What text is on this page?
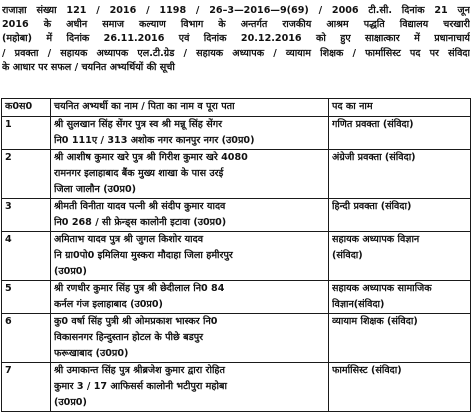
राजाज्ञा संख्या 121 / 2016 / 1198 / 26–3—2016—9(69) / 2006 टी.सी. दिनांक 21 जून
2016 के अधीन समाज कल्याण विभाग के अन्तर्गत राजकीय आश्रम पद्धति विद्यालय चरखारी
(महोबा) में दिनांक 26.11.2016 एवं दिनांक 20.12.2016 को हुए साक्षात्कार में प्रधानाचार्य
/ प्रवक्ता / सहायक अध्यापक एल.टी.ग्रेड / सहायक अध्यापक / व्यायाम शिक्षक / फार्मासिस्ट पद पर संविदा
के आधार पर सफल / चयनित अभ्यर्थियों की सूची
क0स0	चयनित अभ्यर्थी का नाम / पिता का नाम व पूरा पता	पद का नाम
1	श्री सुलखान सिंह सेंगर पुत्र स्व श्री मन्नू सिंह सेंगर
नि0 111ए / 313 अशोक नगर कानपुर नगर (उ0प्र0)	गणित प्रवक्ता (संविदा)

2	श्री आशीष कुमार खरे पुत्र श्री गिरीश कुमार खरे 4080
रामनगर इलाहाबाद बैंक मुख्य शाखा के पास उरई
जिला जालौन (उ0प्र0)	अंग्रेजी प्रवक्ता (संविदा)

3	श्रीमती विनीता यादव पत्नी श्री संदीप कुमार यादव
नि0 268 / सी फ्रेन्ड्स कालोनी इटावा (उ0प्र0)	हिन्दी प्रवक्ता (संविदा)

4	अमिताभ यादव पुत्र श्री जुगल किशोर यादव
नि ग्रा0पो0 इमिलिया मुस्करा मौदाहा जिला हमीरपुर
(उ0प्र0)	सहायक अध्यापक विज्ञान
(संविदा)

5	श्री रणधीर कुमार सिंह पुत्र श्री छेदीलाल नि0 84
कर्नल गंज इलाहाबाद (उ0प्र0)	सहायक अध्यापक सामाजिक
विज्ञान(संविदा)

6	कु0 वर्षा सिंह पुत्री श्री ओमप्रकाश भास्कर नि0
विकासनगर हिन्दुस्तान होटल के पीछे बडपुर
फरूखाबाद (उ0प्र0)	व्यायाम शिक्षक (संविदा)

7	श्री उमाकान्त सिंह पुत्र श्रीब्रजेश कुमार द्वारा रोहित
कुमार 3 / 17 आफिसर्स कालोनी भटीपुरा महोबा
(उ0प्र0)	फार्मासिस्ट (संविदा)
